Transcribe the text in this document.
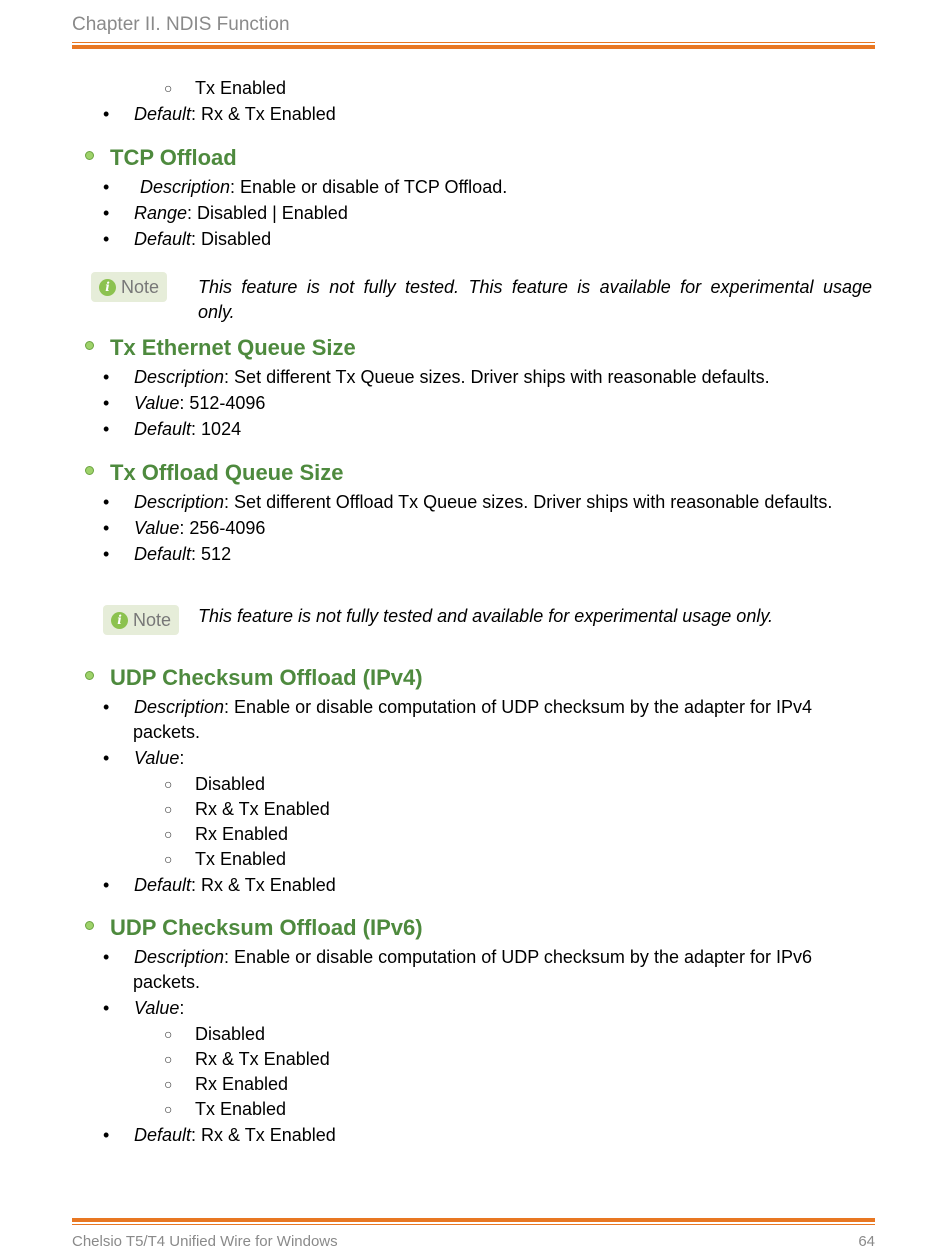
Chapter II. NDIS Function
○ Tx Enabled
• Default: Rx & Tx Enabled
TCP Offload
• Description: Enable or disable of TCP Offload.
• Range: Disabled | Enabled
• Default: Disabled
i Note This feature is not fully tested. This feature is available for experimental usage
only.
Tx Ethernet Queue Size
• Description: Set different Tx Queue sizes. Driver ships with reasonable defaults.
• Value: 512-4096
• Default: 1024
Tx Offload Queue Size
• Description: Set different Offload Tx Queue sizes. Driver ships with reasonable defaults.
• Value: 256-4096
• Default: 512
i Note This feature is not fully tested and available for experimental usage only.
UDP Checksum Offload (IPv4)
• Description: Enable or disable computation of UDP checksum by the adapter for IPv4
packets.
• Value:
○ Disabled
○ Rx & Tx Enabled
○ Rx Enabled
○ Tx Enabled
• Default: Rx & Tx Enabled
UDP Checksum Offload (IPv6)
• Description: Enable or disable computation of UDP checksum by the adapter for IPv6
packets.
• Value:
○ Disabled
○ Rx & Tx Enabled
○ Rx Enabled
○ Tx Enabled
• Default: Rx & Tx Enabled
Chelsio T5/T4 Unified Wire for Windows	64
